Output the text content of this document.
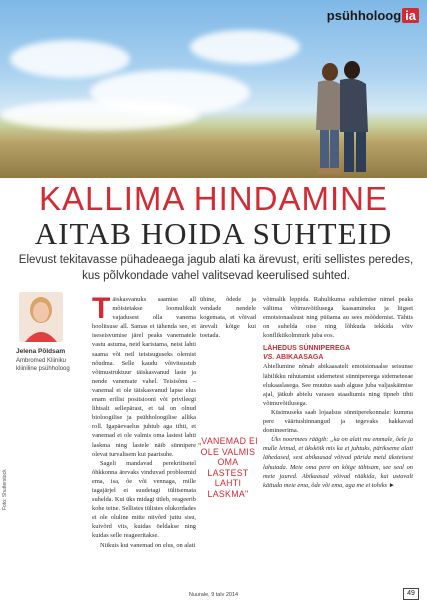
psühholoog ia
KALLIMA HINDAMINE
AITAB HOIDA SUHTEID
Elevust tekitavasse pühadeaega jagub alati ka ärevust, eriti sellistes peredes, kus põlvkondade vahel valitsevad keerulised suhted.
Jelena Põldsam
Ambromed Kliiniku kliiniline psühholoog
Foto: Shutterstock
T äiskasvanuks saamise all mõistetakse loomulikult vajadusest olla vanema hoolitsuse all. Samas ei tähenda see, et iseseisvumise järel peaks vanematele vastu astuma, neid karistama, neist lahti saama või neil teistsuguseks olemist nõudma. Selle kaudu võivitsustub võimustruktuur täiskasvanud laste ja nende vanemate vahel. Teisisõnu – vanemal ei ole täiskasvanud lapse elus enam erilist positsiooni või privileegi lihtsalt sellepärast, et tal on olnud bioloogilise ja psühholoogilise allika roll. Igapäevaelus juhtub aga tihti, et vanemad ei ole valmis oma lastest lahti laskma ning lastele näib sünnipere olevat turvalisem kui paarisuhe.

Sageli mandavad perekriitsetel õhkkonna ärevaks vinduvad probleemid ema, isa, õe või vennaga, mille tagajärjel ei suudetagi tülitsemata suhelda. Kui üks midagi ütleb, reageerib kohe teine. Sellistes tülistes olukordades ei ole oluline mitte niivõrd juttu sisu, kuivõrd viis, kuidas öeldakse ning kuidas selle reageeritakse.

Niikuis kui vanemad on elus, on alati

ühine, õdede ja vendade nendele kogemata, et võivad ärevalt kõige kui toetada.

„VANEMAD EI OLE VALMIS OMA LASTEST LAHTI LASKMA"

võimalik leppida. Rahulikuma suhtlemise nimel peaks vältima võimuvõitlusega kaasamineku ja liigset emotsionaalsust ning püüama au sees mõõdemist. Tähtis on suhelda oise ning lõhkuda tekkida võiv konfliktikolmnurk juba eos.

LÄHEDUS SÜNNIPEREGA
VS. ABIKAASAGA

Abiellumine nõnab abikaasatelt emotsionaalse seisunse läbilikku nihutamist sidemetest sünnipereega sidemeteeae elukaaslasega. See muutus saab alguse juba valjaskäimise ajal, jätkub abielu varases staadiumis ning tipneb tihti võimuvõitlusega.

Küsimuseks saab lojaalsus sünniperekonnale: kumma pere väärtushinnangud ja tegevaks hakkavad domineerima.

Üks noormees räägib: „ka on alati mu emmale, õele ja mulle leinud, et üksköik mis ka ei juhtuks, pärikseme alati lähedased, sest abikaasad võivad pärida meid üksteisest lahutada. Meie oma pere on kõige tähtsam, see seal on meie juured. Abikaasad võivad rääkida, kui ustavalt käituda meie ema, õde või ema, aga me ei tohiks ►

Nuurale, 9 talv 2014	49
